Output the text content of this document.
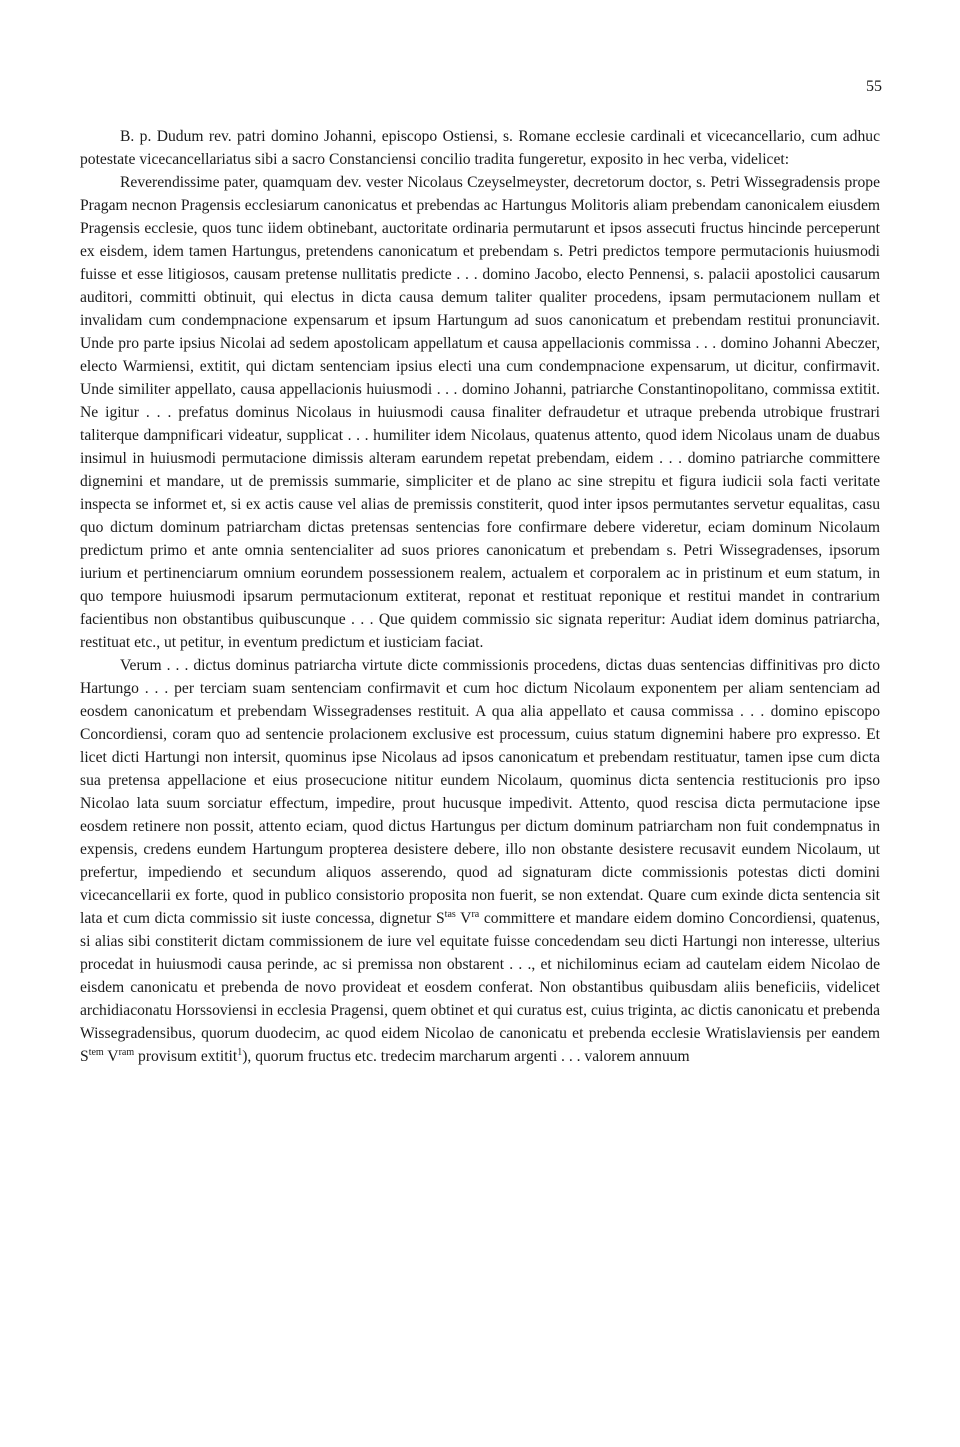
55

B. p. Dudum rev. patri domino Johanni, episcopo Ostiensi, s. Romane ecclesie cardinali et vicecancellario, cum adhuc potestate vicecancellariatus sibi a sacro Constanciensi concilio tradita fungeretur, exposito in hec verba, videlicet:

Reverendissime pater, quamquam dev. vester Nicolaus Czeyselmeyster, decretorum doctor, s. Petri Wissegradensis prope Pragam necnon Pragensis ecclesiarum canonicatus et prebendas ac Hartungus Molitoris aliam prebendam canonicalem eiusdem Pragensis ecclesie, quos tunc iidem obtinebant, auctoritate ordinaria permutarunt et ipsos assecuti fructus hincinde perceperunt ex eisdem, idem tamen Hartungus, pretendens canonicatum et prebendam s. Petri predictos tempore permutacionis huiusmodi fuisse et esse litigiosos, causam pretense nullitatis predicte . . . domino Jacobo, electo Pennensi, s. palacii apostolici causarum auditori, committi obtinuit, qui electus in dicta causa demum taliter qualiter procedens, ipsam permutacionem nullam et invalidam cum condempnacione expensarum et ipsum Hartungum ad suos canonicatum et prebendam restitui pronunciavit. Unde pro parte ipsius Nicolai ad sedem apostolicam appellatum et causa appellacionis commissa . . . domino Johanni Abeczer, electo Warmiensi, extitit, qui dictam sentenciam ipsius electi una cum condempnacione expensarum, ut dicitur, confirmavit. Unde similiter appellato, causa appellacionis huiusmodi . . . domino Johanni, patriarche Constantinopolitano, commissa extitit. Ne igitur . . . prefatus dominus Nicolaus in huiusmodi causa finaliter defraudetur et utraque prebenda utrobique frustrari taliterque dampnificari videatur, supplicat . . . humiliter idem Nicolaus, quatenus attento, quod idem Nicolaus unam de duabus insimul in huiusmodi permutacione dimissis alteram earundem repetat prebendam, eidem . . . domino patriarche committere dignemini et mandare, ut de premissis summarie, simpliciter et de plano ac sine strepitu et figura iudicii sola facti veritate inspecta se informet et, si ex actis cause vel alias de premissis constiterit, quod inter ipsos permutantes servetur equalitas, casu quo dictum dominum patriarcham dictas pretensas sentencias fore confirmare debere videretur, eciam dominum Nicolaum predictum primo et ante omnia sentencialiter ad suos priores canonicatum et prebendam s. Petri Wissegradenses, ipsorum iurium et pertinenciarum omnium eorundem possessionem realem, actualem et corporalem ac in pristinum et eum statum, in quo tempore huiusmodi ipsarum permutacionum extiterat, reponat et restituat reponique et restitui mandet in contrarium facientibus non obstantibus quibuscunque . . . Que quidem commissio sic signata reperitur: Audiat idem dominus patriarcha, restituat etc., ut petitur, in eventum predictum et iusticiam faciat.

Verum . . . dictus dominus patriarcha virtute dicte commissionis procedens, dictas duas sentencias diffinitivas pro dicto Hartungo . . . per terciam suam sentenciam confirmavit et cum hoc dictum Nicolaum exponentem per aliam sentenciam ad eosdem canonicatum et prebendam Wissegradenses restituit. A qua alia appellato et causa commissa . . . domino episcopo Concordiensi, coram quo ad sentencie prolacionem exclusive est processum, cuius statum dignemini habere pro expresso. Et licet dicti Hartungi non intersit, quominus ipse Nicolaus ad ipsos canonicatum et prebendam restituatur, tamen ipse cum dicta sua pretensa appellacione et eius prosecucione nititur eundem Nicolaum, quominus dicta sentencia restitucionis pro ipso Nicolao lata suum sorciatur effectum, impedire, prout hucusque impedivit. Attento, quod rescisa dicta permutacione ipse eosdem retinere non possit, attento eciam, quod dictus Hartungus per dictum dominum patriarcham non fuit condempnatus in expensis, credens eundem Hartungum propterea desistere debere, illo non obstante desistere recusavit eundem Nicolaum, ut prefertur, impediendo et secundum aliquos asserendo, quod ad signaturam dicte commissionis potestas dicti domini vicecancellarii ex forte, quod in publico consistorio proposita non fuerit, se non extendat. Quare cum exinde dicta sentencia sit lata et cum dicta commissio sit iuste concessa, dignetur S$^{tas}$ V$^{ra}$ committere et mandare eidem domino Concordiensi, quatenus, si alias sibi constiterit dictam commissionem de iure vel equitate fuisse concedendam seu dicti Hartungi non interesse, ulterius procedat in huiusmodi causa perinde, ac si premissa non obstarent . . ., et nichilominus eciam ad cautelam eidem Nicolao de eisdem canonicatu et prebenda de novo provideat et eosdem conferat. Non obstantibus quibusdam aliis beneficiis, videlicet archidiaconatu Horssoviensi in ecclesia Pragensi, quem obtinet et qui curatus est, cuius triginta, ac dictis canonicatu et prebenda Wissegradensibus, quorum duodecim, ac quod eidem Nicolao de canonicatu et prebenda ecclesie Wratislaviensis per eandem S$^{tem}$ V$^{ram}$ provisum extitit$^1$), quorum fructus etc. tredecim marcharum argenti . . . valorem annuum
